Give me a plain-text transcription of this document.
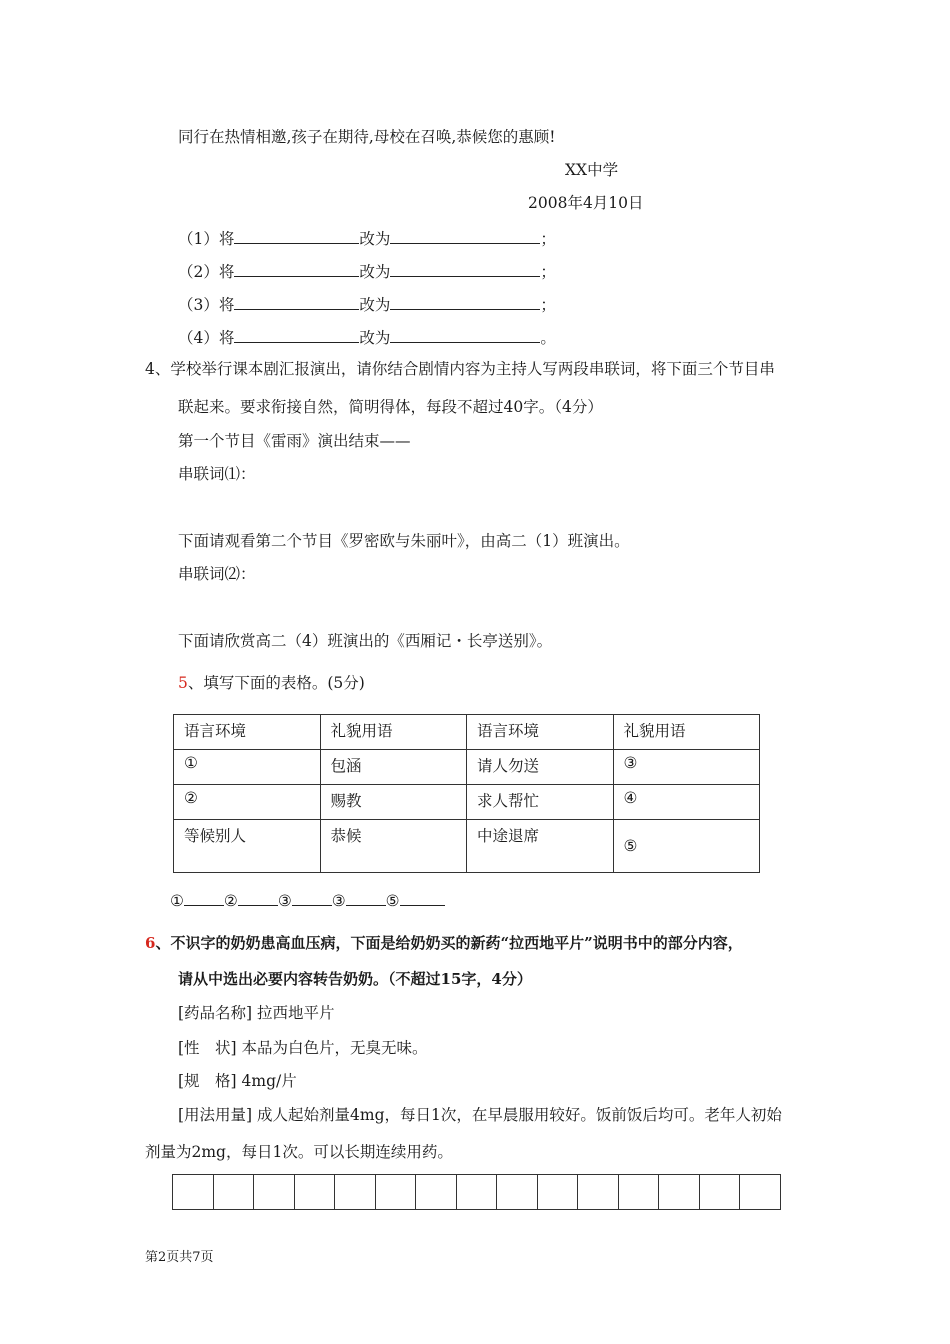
同行在热情相邀,孩子在期待,母校在召唤,恭候您的惠顾!
XX中学
2008年4月10日
（1）将	改为	；
（2）将	改为	；
（3）将	改为	；
（4）将	改为	。
4、学校举行课本剧汇报演出，请你结合剧情内容为主持人写两段串联词，将下面三个节目串
联起来。要求衔接自然，简明得体，每段不超过40字。（4分）
第一个节目《雷雨》演出结束——
串联词⑴：
下面请观看第二个节目《罗密欧与朱丽叶》，由高二（1）班演出。
串联词⑵：
下面请欣赏高二（4）班演出的《西厢记・长亭送别》。
5、填写下面的表格。(5分)
语言环境	礼貌用语	语言环境	礼貌用语
①	包涵	请人勿送	③
②	赐教	求人帮忙	④
等候别人	恭候	中途退席	⑤
①	②	③	③	⑤
6、不识字的奶奶患高血压病，下面是给奶奶买的新药“拉西地平片”说明书中的部分内容，
请从中选出必要内容转告奶奶。（不超过15字，4分）
[药品名称] 拉西地平片
[性　状] 本品为白色片，无臭无味。
[规　格] 4mg/片
[用法用量] 成人起始剂量4mg，每日1次，在早晨服用较好。饭前饭后均可。老年人初始
剂量为2mg，每日1次。可以长期连续用药。
第2页共7页
